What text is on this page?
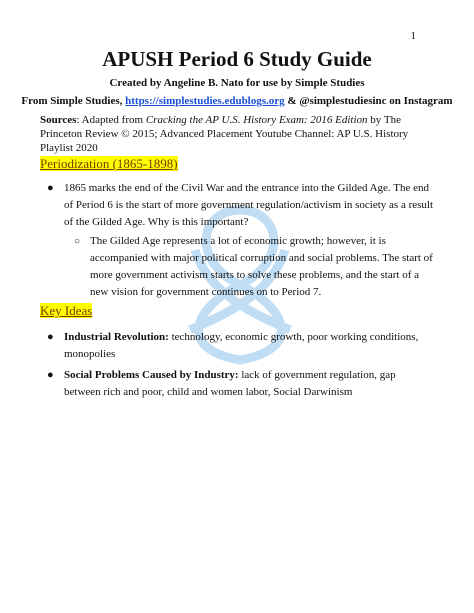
1

APUSH Period 6 Study Guide

Created by Angeline B. Nato for use by Simple Studies

From Simple Studies, https://simplestudies.edublogs.org & @simplestudiesinc on Instagram

Sources: Adapted from Cracking the AP U.S. History Exam: 2016 Edition by The Princeton Review © 2015; Advanced Placement Youtube Channel: AP U.S. History Playlist 2020
Periodization (1865-1898)
● 1865 marks the end of the Civil War and the entrance into the Gilded Age. The end of Period 6 is the start of more government regulation/activism in society as a result of the Gilded Age. Why is this important?
○ The Gilded Age represents a lot of economic growth; however, it is accompanied with major political corruption and social problems. The start of more government activism starts to solve these problems, and the start of a new vision for government continues on to Period 7.
Key Ideas
● Industrial Revolution: technology, economic growth, poor working conditions, monopolies
● Social Problems Caused by Industry: lack of government regulation, gap between rich and poor, child and women labor, Social Darwinism
